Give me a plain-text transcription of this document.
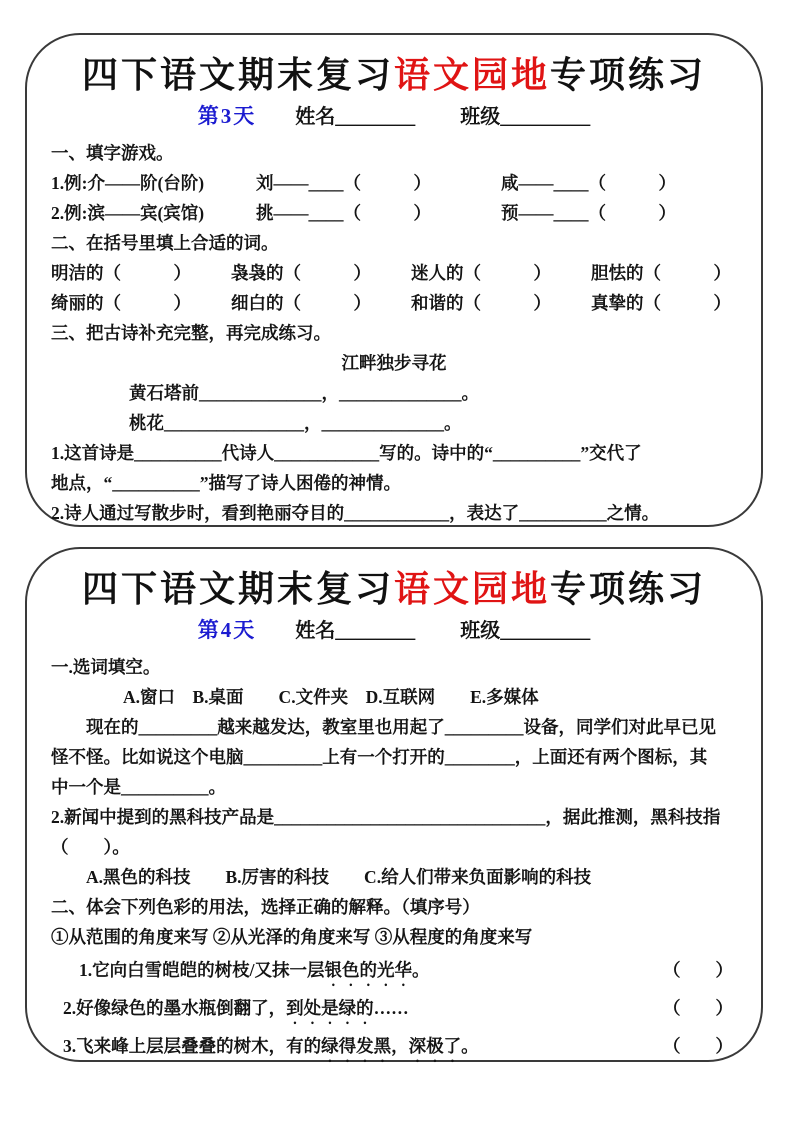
四下语文期末复习语文园地专项练习
第3天 姓名________ 班级_________
一、填字游戏。
1.例:介——阶(台阶)	刘——____（　　　）	咸——____（　　　）
2.例:滨——宾(宾馆)	挑——____（　　　）	预——____（　　　）
二、在括号里填上合适的词。
明洁的（　　　） 袅袅的（　　　） 迷人的（　　　） 胆怯的（　　　）
绮丽的（　　　） 细白的（　　　） 和谐的（　　　） 真挚的（　　　）
三、把古诗补充完整，再完成练习。
江畔独步寻花
黄石塔前______________，______________。
桃花________________，______________。
1.这首诗是__________代诗人____________写的。诗中的“__________”交代了
地点，“__________”描写了诗人困倦的神情。
2.诗人通过写散步时，看到艳丽夺目的____________，表达了__________之情。
四下语文期末复习语文园地专项练习
第4天 姓名________ 班级_________
一.选词填空。
A.窗口　B.桌面　　C.文件夹　D.互联网　　E.多媒体
现在的_________越来越发达，教室里也用起了_________设备，同学们对此早已见
怪不怪。比如说这个电脑_________上有一个打开的________，上面还有两个图标，其
中一个是__________。
2.新闻中提到的黑科技产品是_______________________________，据此推测，黑科技指
（　　）。
A.黑色的科技　　B.厉害的科技　　C.给人们带来负面影响的科技
二、体会下列色彩的用法，选择正确的解释。（填序号）
①从范围的角度来写 ②从光泽的角度来写 ③从程度的角度来写
1.它向白雪皑皑的树枝/又抹一层银色的光华。	（　　）
2.好像绿色的墨水瓶倒翻了，到处是绿的……	（　　）
3.飞来峰上层层叠叠的树木，有的绿得发黑，深极了。	（　　）
